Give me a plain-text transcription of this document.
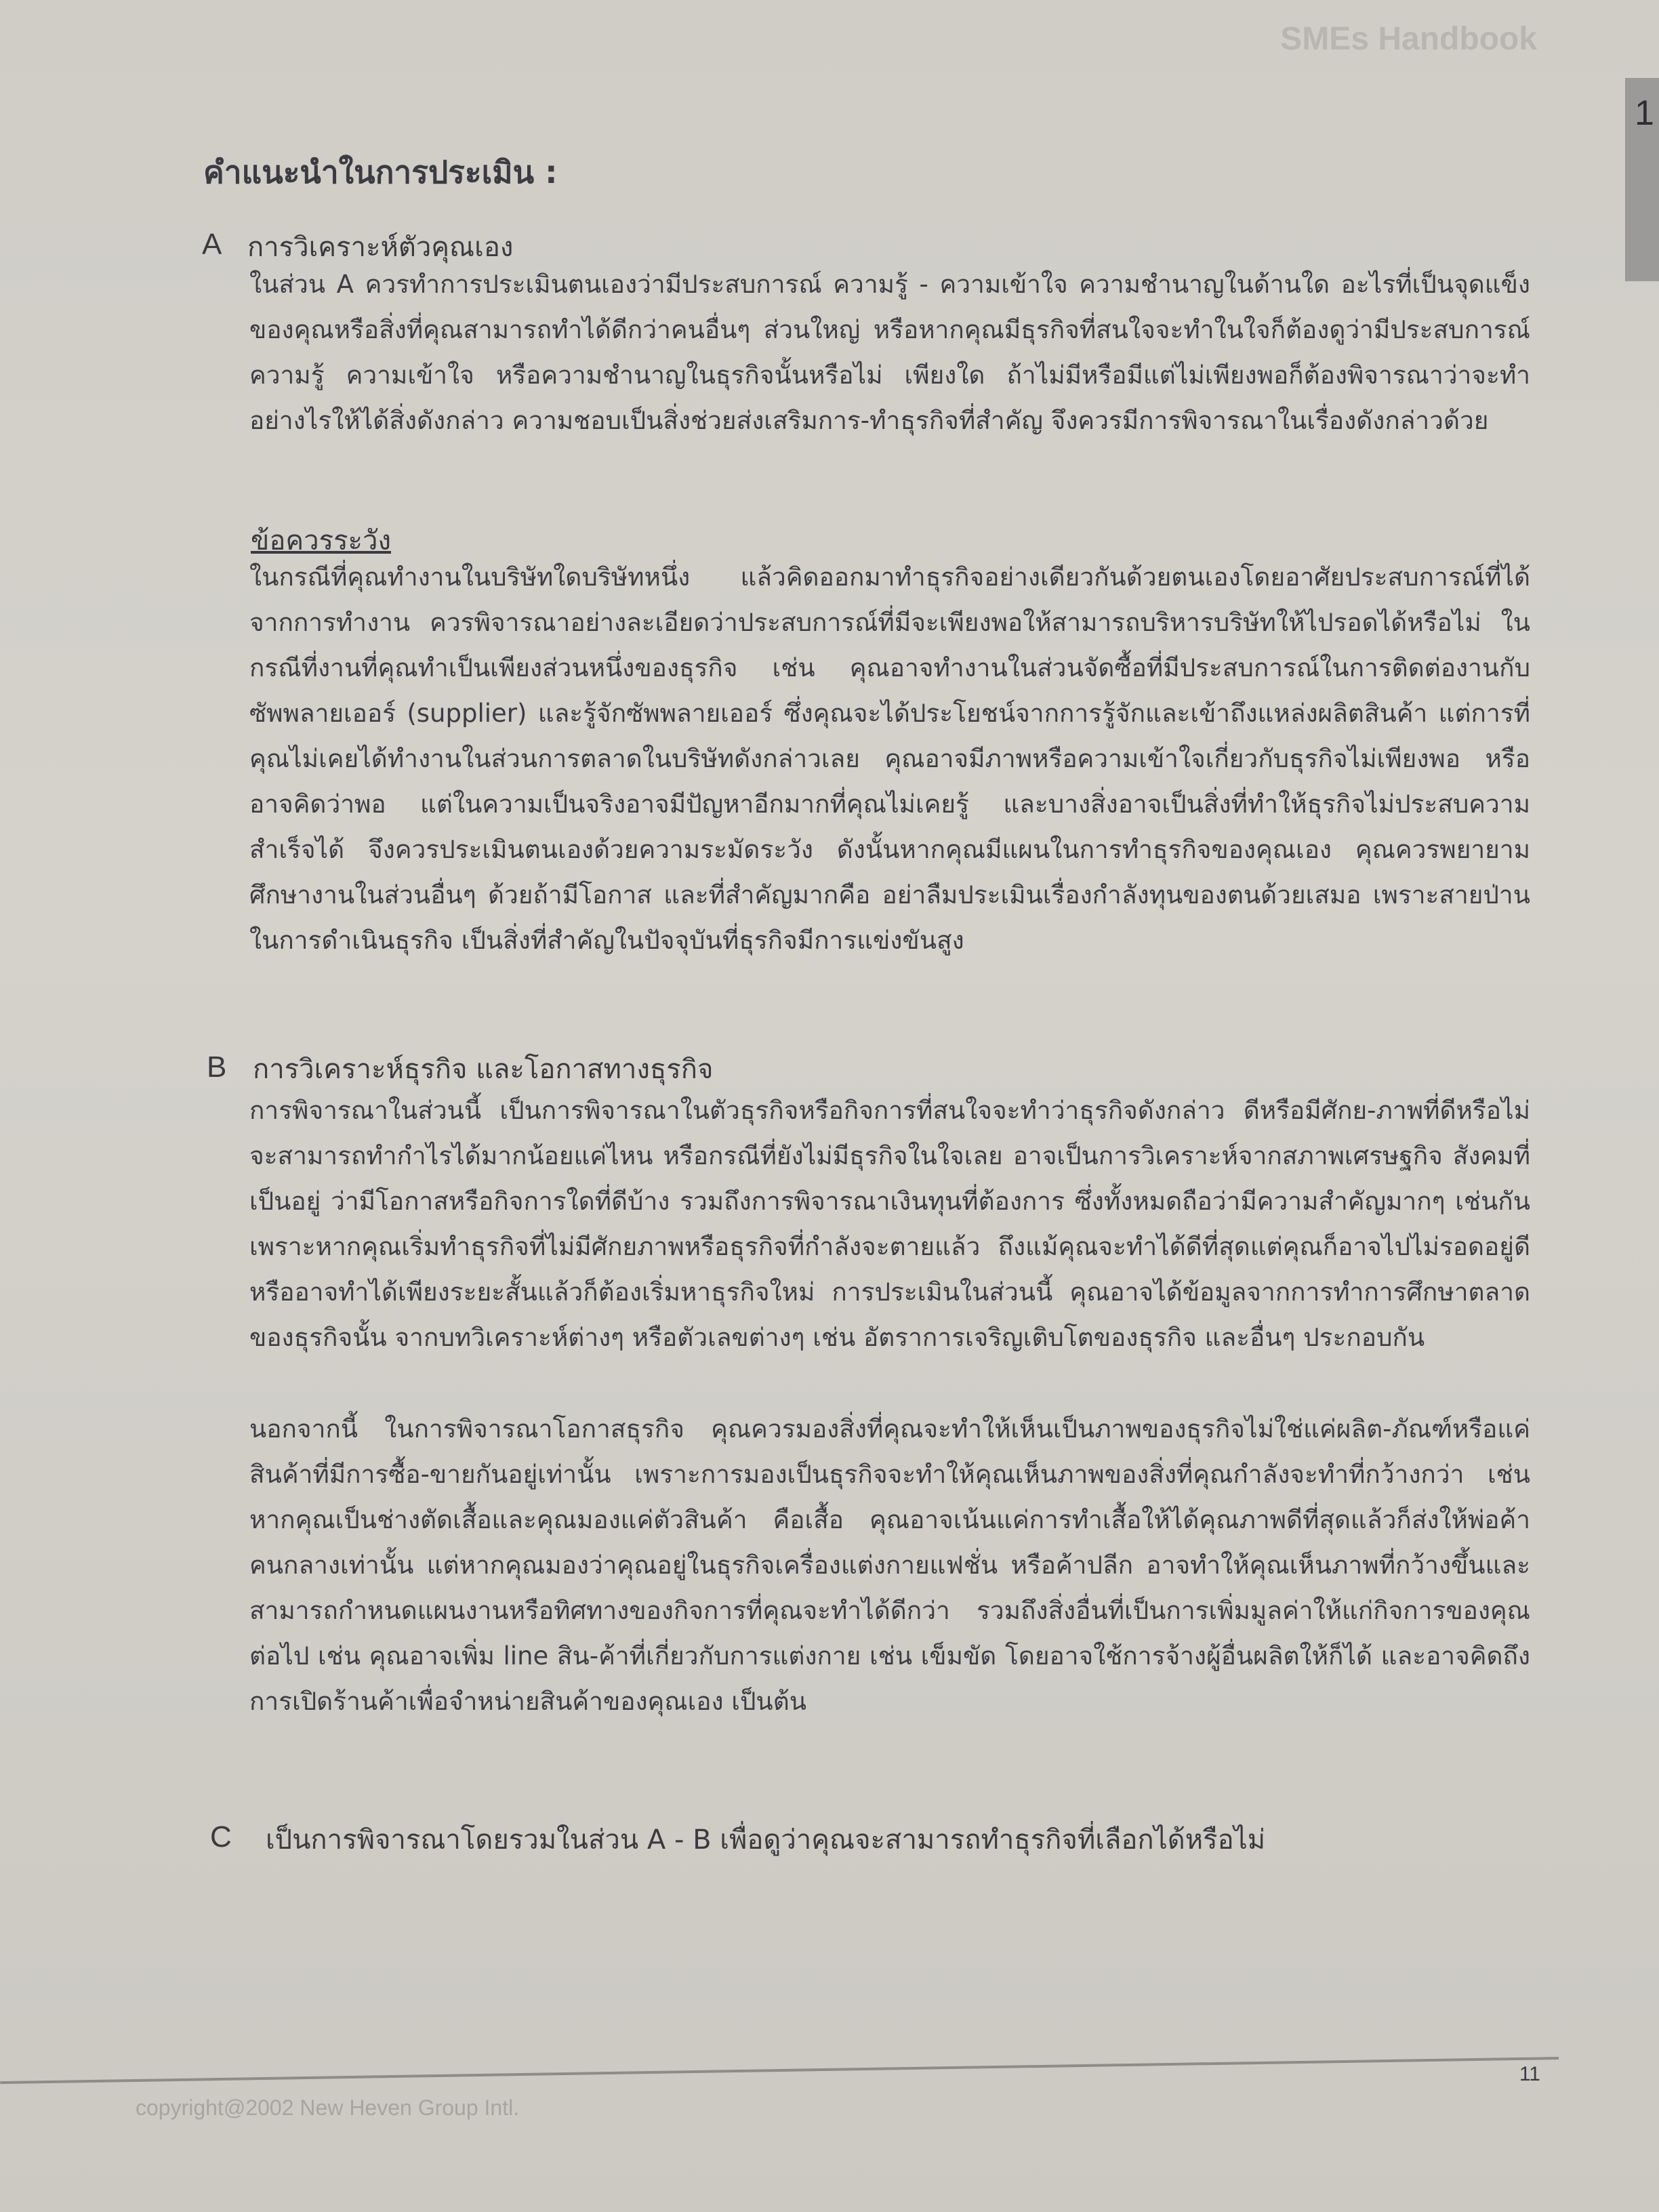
SMEs Handbook
1
คำแนะนำในการประเมิน :
A การวิเคราะห์ตัวคุณเอง
ในส่วน A ควรทำการประเมินตนเองว่ามีประสบการณ์ ความรู้ - ความเข้าใจ ความชำนาญในด้านใด อะไรที่เป็นจุดแข็งของคุณหรือสิ่งที่คุณสามารถทำได้ดีกว่าคนอื่นๆ ส่วนใหญ่ หรือหากคุณมีธุรกิจที่สนใจจะทำในใจก็ต้องดูว่ามีประสบการณ์ ความรู้ ความเข้าใจ หรือความชำนาญในธุรกิจนั้นหรือไม่ เพียงใด ถ้าไม่มีหรือมีแต่ไม่เพียงพอก็ต้องพิจารณาว่าจะทำอย่างไรให้ได้สิ่งดังกล่าว ความชอบเป็นสิ่งช่วยส่งเสริมการ-ทำธุรกิจที่สำคัญ จึงควรมีการพิจารณาในเรื่องดังกล่าวด้วย
ข้อควรระวัง
ในกรณีที่คุณทำงานในบริษัทใดบริษัทหนึ่ง แล้วคิดออกมาทำธุรกิจอย่างเดียวกันด้วยตนเองโดยอาศัยประสบการณ์ที่ได้จากการทำงาน ควรพิจารณาอย่างละเอียดว่าประสบการณ์ที่มีจะเพียงพอให้สามารถบริหารบริษัทให้ไปรอดได้หรือไม่ ในกรณีที่งานที่คุณทำเป็นเพียงส่วนหนึ่งของธุรกิจ เช่น คุณอาจทำงานในส่วนจัดซื้อที่มีประสบการณ์ในการติดต่องานกับซัพพลายเออร์ (supplier) และรู้จักซัพพลายเออร์ ซึ่งคุณจะได้ประโยชน์จากการรู้จักและเข้าถึงแหล่งผลิตสินค้า แต่การที่คุณไม่เคยได้ทำงานในส่วนการตลาดในบริษัทดังกล่าวเลย คุณอาจมีภาพหรือความเข้าใจเกี่ยวกับธุรกิจไม่เพียงพอ หรืออาจคิดว่าพอ แต่ในความเป็นจริงอาจมีปัญหาอีกมากที่คุณไม่เคยรู้ และบางสิ่งอาจเป็นสิ่งที่ทำให้ธุรกิจไม่ประสบความสำเร็จได้ จึงควรประเมินตนเองด้วยความระมัดระวัง ดังนั้นหากคุณมีแผนในการทำธุรกิจของคุณเอง คุณควรพยายามศึกษางานในส่วนอื่นๆ ด้วยถ้ามีโอกาส และที่สำคัญมากคือ อย่าลืมประเมินเรื่องกำลังทุนของตนด้วยเสมอ เพราะสายป่านในการดำเนินธุรกิจ เป็นสิ่งที่สำคัญในปัจจุบันที่ธุรกิจมีการแข่งขันสูง
B การวิเคราะห์ธุรกิจ และโอกาสทางธุรกิจ
การพิจารณาในส่วนนี้ เป็นการพิจารณาในตัวธุรกิจหรือกิจการที่สนใจจะทำว่าธุรกิจดังกล่าว ดีหรือมีศักย-ภาพที่ดีหรือไม่ จะสามารถทำกำไรได้มากน้อยแค่ไหน หรือกรณีที่ยังไม่มีธุรกิจในใจเลย อาจเป็นการวิเคราะห์จากสภาพเศรษฐกิจ สังคมที่เป็นอยู่ ว่ามีโอกาสหรือกิจการใดที่ดีบ้าง รวมถึงการพิจารณาเงินทุนที่ต้องการ ซึ่งทั้งหมดถือว่ามีความสำคัญมากๆ เช่นกัน เพราะหากคุณเริ่มทำธุรกิจที่ไม่มีศักยภาพหรือธุรกิจที่กำลังจะตายแล้ว ถึงแม้คุณจะทำได้ดีที่สุดแต่คุณก็อาจไปไม่รอดอยู่ดี หรืออาจทำได้เพียงระยะสั้นแล้วก็ต้องเริ่มหาธุรกิจใหม่ การประเมินในส่วนนี้ คุณอาจได้ข้อมูลจากการทำการศึกษาตลาดของธุรกิจนั้น จากบทวิเคราะห์ต่างๆ หรือตัวเลขต่างๆ เช่น อัตราการเจริญเติบโตของธุรกิจ และอื่นๆ ประกอบกัน
นอกจากนี้ ในการพิจารณาโอกาสธุรกิจ คุณควรมองสิ่งที่คุณจะทำให้เห็นเป็นภาพของธุรกิจไม่ใช่แค่ผลิต-ภัณฑ์หรือแค่สินค้าที่มีการซื้อ-ขายกันอยู่เท่านั้น เพราะการมองเป็นธุรกิจจะทำให้คุณเห็นภาพของสิ่งที่คุณกำลังจะทำที่กว้างกว่า เช่น หากคุณเป็นช่างตัดเสื้อและคุณมองแค่ตัวสินค้า คือเสื้อ คุณอาจเน้นแค่การทำเสื้อให้ได้คุณภาพดีที่สุดแล้วก็ส่งให้พ่อค้าคนกลางเท่านั้น แต่หากคุณมองว่าคุณอยู่ในธุรกิจเครื่องแต่งกายแฟชั่น หรือค้าปลีก อาจทำให้คุณเห็นภาพที่กว้างขึ้นและสามารถกำหนดแผนงานหรือทิศทางของกิจการที่คุณจะทำได้ดีกว่า รวมถึงสิ่งอื่นที่เป็นการเพิ่มมูลค่าให้แก่กิจการของคุณต่อไป เช่น คุณอาจเพิ่ม line สิน-ค้าที่เกี่ยวกับการแต่งกาย เช่น เข็มขัด โดยอาจใช้การจ้างผู้อื่นผลิตให้ก็ได้ และอาจคิดถึงการเปิดร้านค้าเพื่อจำหน่ายสินค้าของคุณเอง เป็นต้น
C เป็นการพิจารณาโดยรวมในส่วน A - B เพื่อดูว่าคุณจะสามารถทำธุรกิจที่เลือกได้หรือไม่
11
copyright@2002 New Heven Group Intl.
